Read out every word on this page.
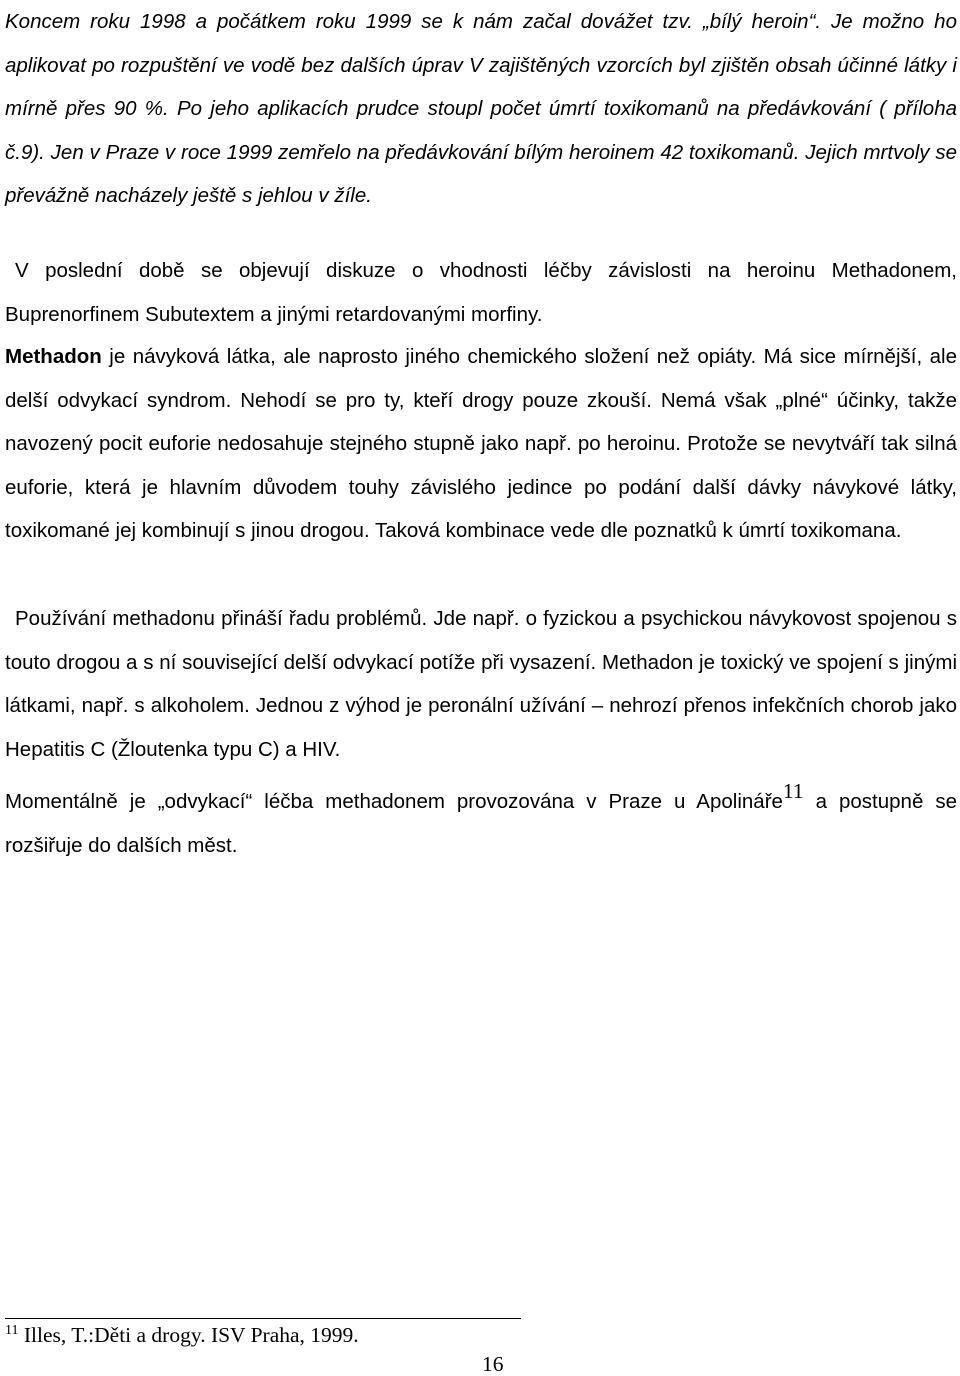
Koncem roku 1998 a počátkem roku 1999 se k nám začal dovážet tzv. „bílý heroin“. Je možno ho aplikovat po rozpuštění ve vodě bez dalších úprav V zajištěných vzorcích byl zjištěn obsah účinné látky i mírně přes 90 %. Po jeho aplikacích prudce stoupl počet úmrtí toxikomanů na předávkování ( příloha č.9). Jen v Praze v roce 1999 zemřelo na předávkování bílým heroinem 42 toxikomanů. Jejich mrtvoly se převážně nacházely ještě s jehlou v žíle.

V poslední době se objevují diskuze o vhodnosti léčby závislosti na heroinu Methadonem, Buprenorfinem Subutextem a jinými retardovanými morfiny.

Methadon je návyková látka, ale naprosto jiného chemického složení než opiáty. Má sice mírnější, ale delší odvykací syndrom. Nehodí se pro ty, kteří drogy pouze zkouší. Nemá však „plné“ účinky, takže navozený pocit euforie nedosahuje stejného stupně jako např. po heroinu. Protože se nevytváří tak silná euforie, která je hlavním důvodem touhy závislého jedince po podání další dávky návykové látky, toxikomané jej kombinují s jinou drogou. Taková kombinace vede dle poznatků k úmrtí toxikomana.

Používání methadonu přináší řadu problémů. Jde např. o fyzickou a psychickou návykovost spojenou s touto drogou a s ní související delší odvykací potíže při vysazení. Methadon je toxický ve spojení s jinými látkami, např. s alkoholem. Jednou z výhod je peronální užívání – nehrozí přenos infekčních chorob jako Hepatitis C (Žloutenka typu C) a HIV.

Momentálně je „odvykací“ léčba methadonem provozována v Praze u Apolináře$^{11}$ a postupně se rozšiřuje do dalších měst.

$^{11}$ Illes, T.:Děti a drogy. ISV Praha, 1999.
16
